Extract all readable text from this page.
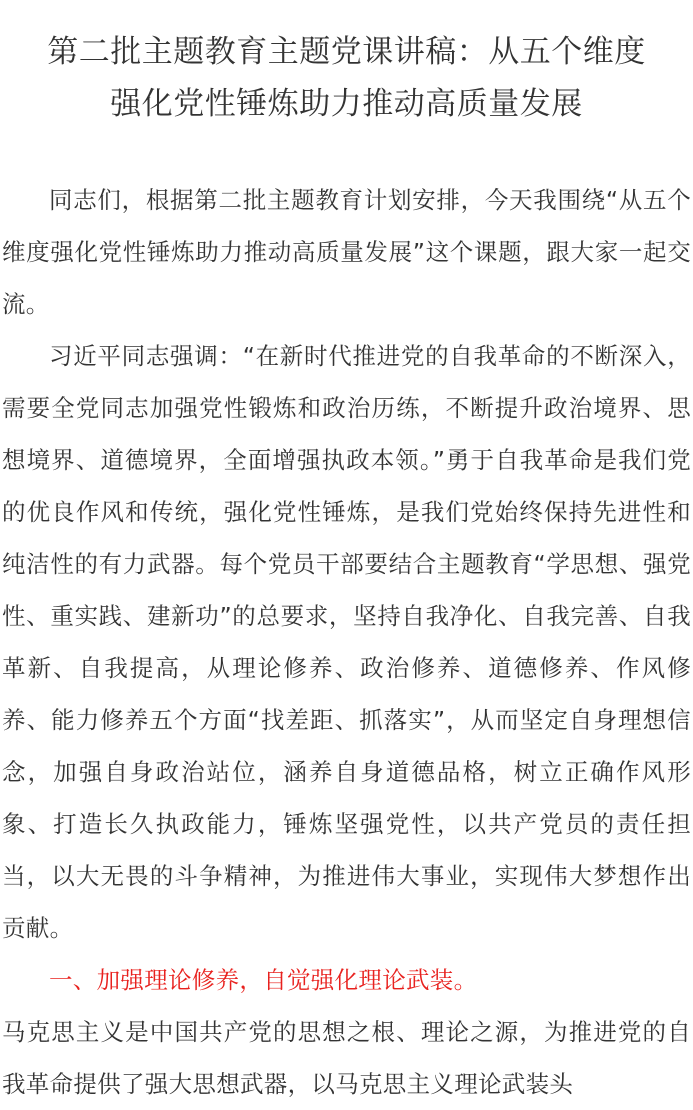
第二批主题教育主题党课讲稿：从五个维度
强化党性锤炼助力推动高质量发展

同志们，根据第二批主题教育计划安排，今天我围绕“从五个维度强化党性锤炼助力推动高质量发展”这个课题，跟大家一起交流。

习近平同志强调：“在新时代推进党的自我革命的不断深入，需要全党同志加强党性锻炼和政治历练，不断提升政治境界、思想境界、道德境界，全面增强执政本领。”勇于自我革命是我们党的优良作风和传统，强化党性锤炼，是我们党始终保持先进性和纯洁性的有力武器。每个党员干部要结合主题教育“学思想、强党性、重实践、建新功”的总要求，坚持自我净化、自我完善、自我革新、自我提高，从理论修养、政治修养、道德修养、作风修养、能力修养五个方面“找差距、抓落实”，从而坚定自身理想信念，加强自身政治站位，涵养自身道德品格，树立正确作风形象、打造长久执政能力，锤炼坚强党性，以共产党员的责任担当，以大无畏的斗争精神，为推进伟大事业，实现伟大梦想作出贡献。

一、加强理论修养，自觉强化理论武装。

马克思主义是中国共产党的思想之根、理论之源，为推进党的自我革命提供了强大思想武器，以马克思主义理论武装头
